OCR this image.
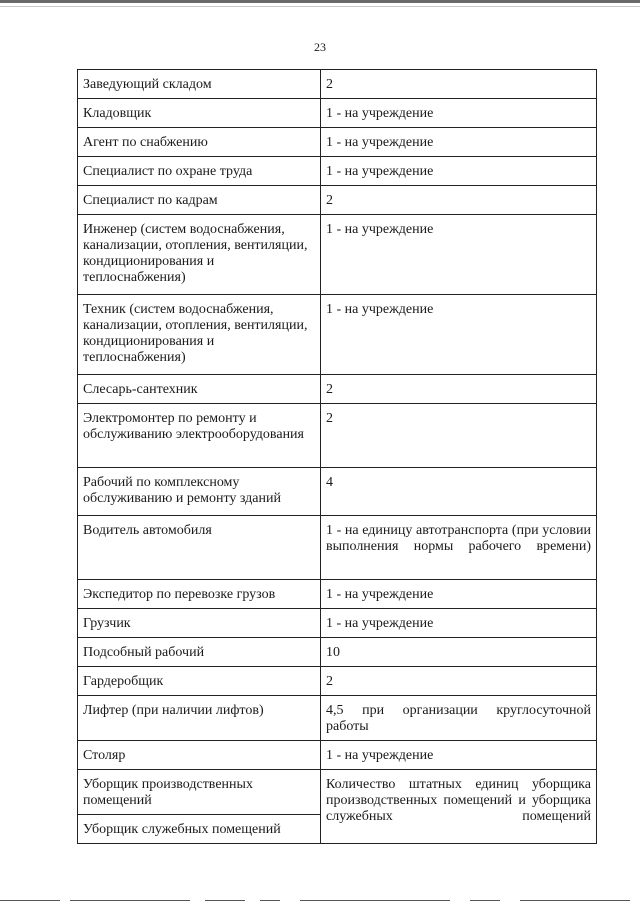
23
Заведующий складом	2
Кладовщик	1 - на учреждение
Агент по снабжению	1 - на учреждение
Специалист по охране труда	1 - на учреждение
Специалист по кадрам	2
Инженер (систем водоснабжения, канализации, отопления, вентиляции, кондиционирования и теплоснабжения)	1 - на учреждение
Техник (систем водоснабжения, канализации, отопления, вентиляции, кондиционирования и теплоснабжения)	1 - на учреждение
Слесарь-сантехник	2
Электромонтер по ремонту и обслуживанию электрооборудования	2
Рабочий по комплексному обслуживанию и ремонту зданий	4
Водитель автомобиля	1 - на единицу автотранспорта (при условии выполнения нормы рабочего времени)
Экспедитор по перевозке грузов	1 - на учреждение
Грузчик	1 - на учреждение
Подсобный рабочий	10
Гардеробщик	2
Лифтер (при наличии лифтов)	4,5 при организации круглосуточной работы
Столяр	1 - на учреждение
Уборщик производственных помещений	Количество штатных единиц уборщика производственных помещений и уборщика служебных помещений
Уборщик служебных помещений	
